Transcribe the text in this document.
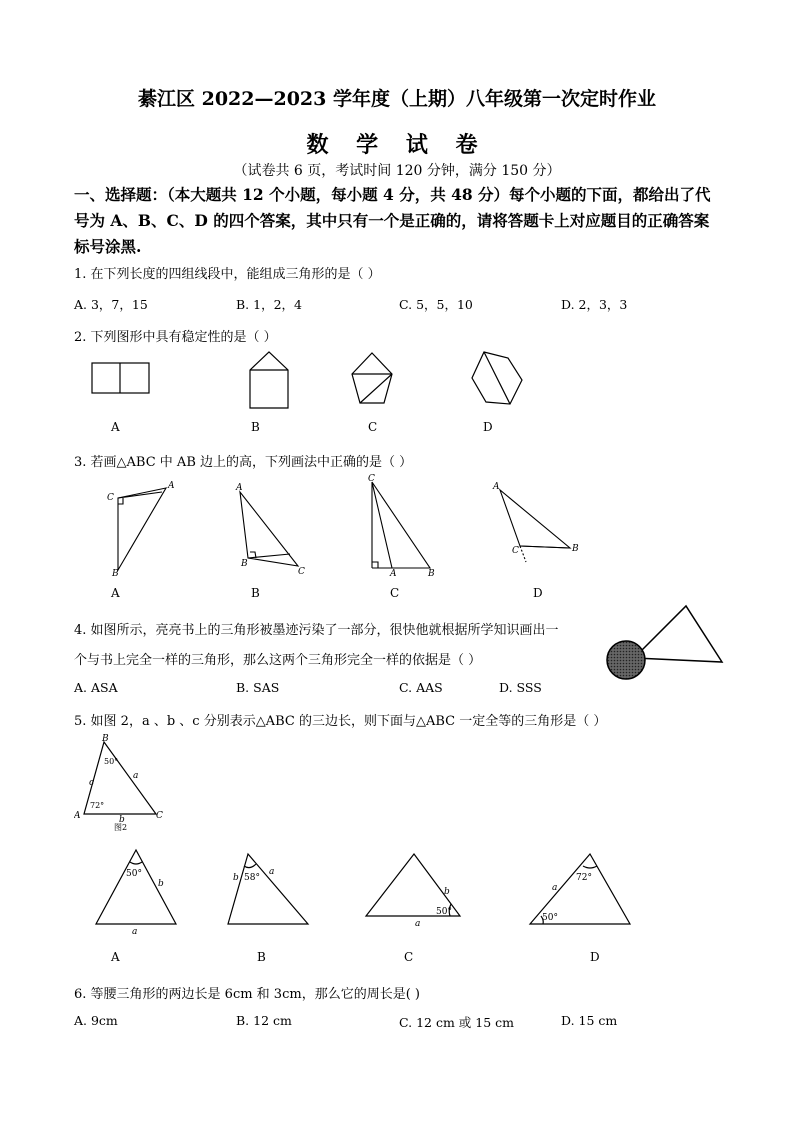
綦江区 2022—2023 学年度（上期）八年级第一次定时作业
数 学 试 卷
（试卷共 6 页，考试时间 120 分钟，满分 150 分）
一、选择题：（本大题共 12 个小题，每小题 4 分，共 48 分）每个小题的下面，都给出了代号为 A、B、C、D 的四个答案，其中只有一个是正确的，请将答题卡上对应题目的正确答案标号涂黑.
1. 在下列长度的四组线段中，能组成三角形的是（ ）
A. 3，7，15	B. 1，2，4	C. 5，5，10	D. 2，3，3
2. 下列图形中具有稳定性的是（ ）
A	B	C	D
3. 若画△ABC 中 AB 边上的高，下列画法中正确的是（ ）
C
A
B
A
B
C
C
A	B
A
C	B
A	B	C	D
4. 如图所示，亮亮书上的三角形被墨迹污染了一部分，很快他就根据所学知识画出一
个与书上完全一样的三角形，那么这两个三角形完全一样的依据是（ ）
A. ASA	B. SAS	C. AAS	D. SSS
5. 如图 2，a 、b 、c 分别表示△ABC 的三边长，则下面与△ABC 一定全等的三角形是（ ）
B
A	C
a
b
c
50°
72°
图2
50°	58°
50°
72°
50°
b
a
b
a
b
a
a
A	B	C	D
6. 等腰三角形的两边长是 6cm 和 3cm，那么它的周长是( )
A. 9cm	B. 12 cm	C. 12 cm 或 15 cm	D. 15 cm
